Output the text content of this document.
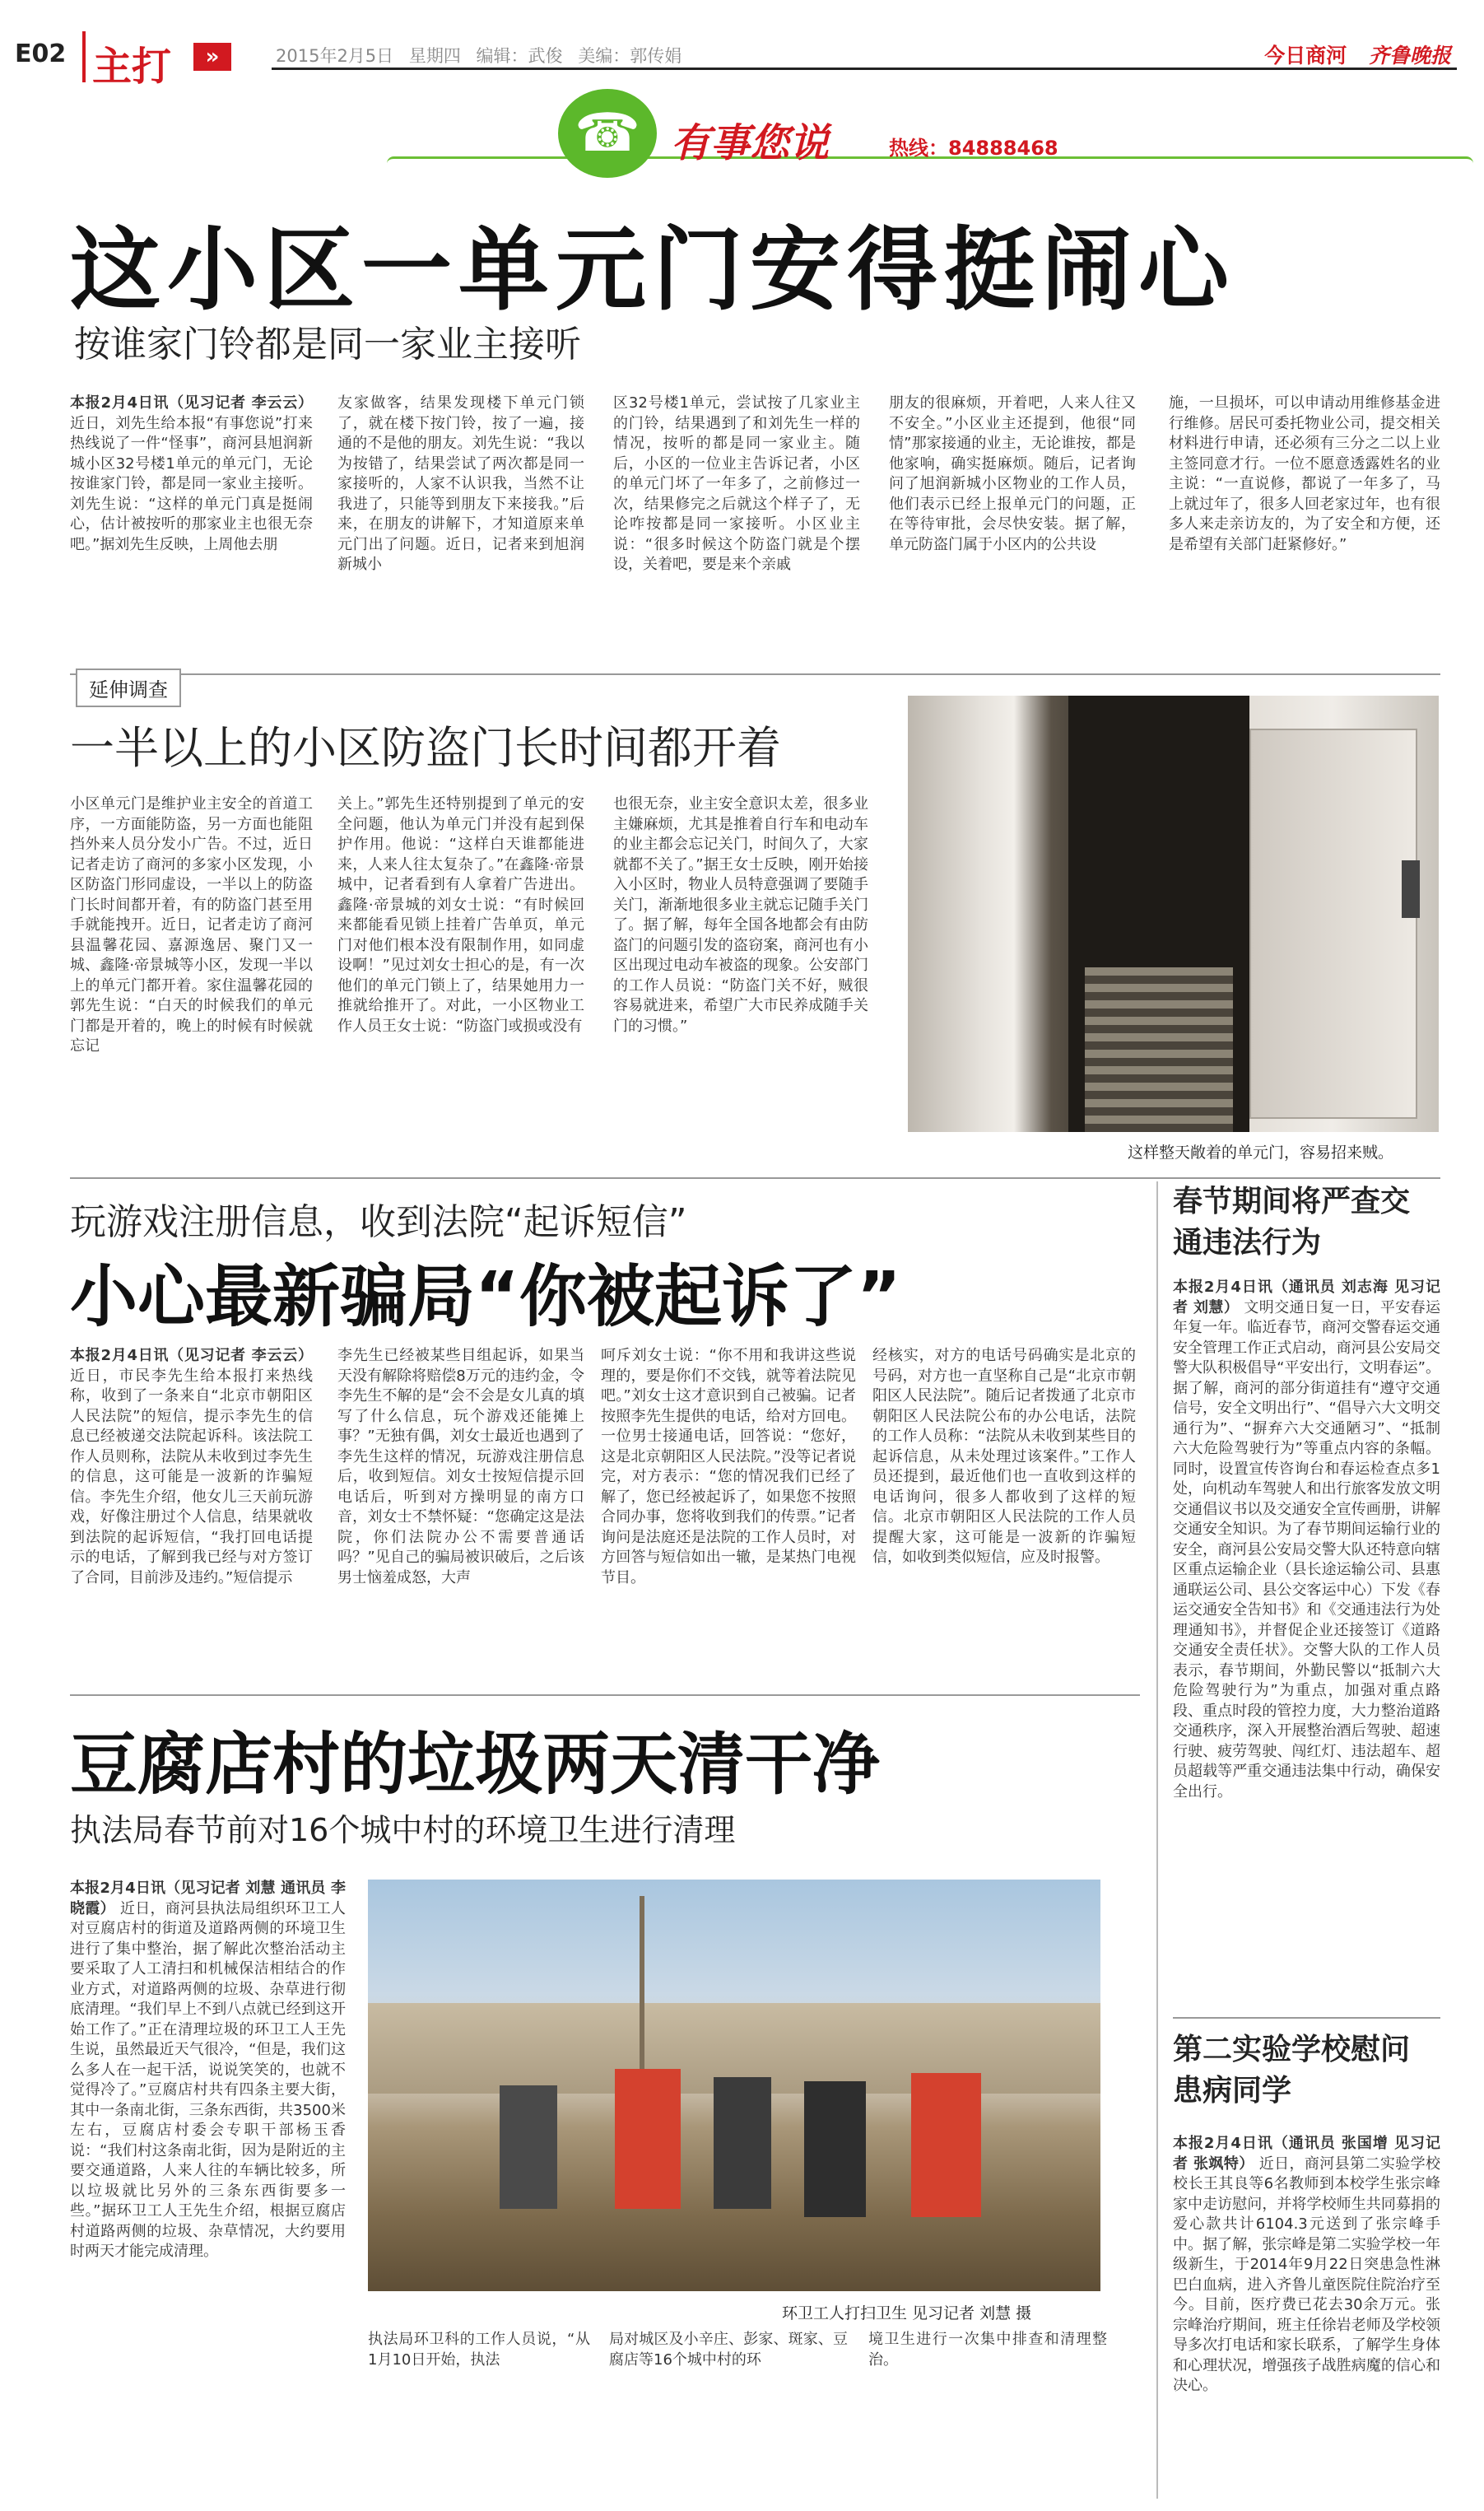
E02 主打	»	2015年2月5日 星期四 编辑：武俊 美编：郭传娟	今日商河 齐鲁晚报
☎ 有事您说	热线：84888468
这小区一单元门安得挺闹心
按谁家门铃都是同一家业主接听
本报2月4日讯（见习记者 李云云） 近日，刘先生给本报“有事您说”打来热线说了一件“怪事”，商河县旭润新城小区32号楼1单元的单元门，无论按谁家门铃，都是同一家业主接听。刘先生说：“这样的单元门真是挺闹心，估计被按听的那家业主也很无奈吧。”据刘先生反映，上周他去朋
友家做客，结果发现楼下单元门锁了，就在楼下按门铃，按了一遍，接通的不是他的朋友。刘先生说：“我以为按错了，结果尝试了两次都是同一家接听的，人家不认识我，当然不让我进了，只能等到朋友下来接我。”后来，在朋友的讲解下，才知道原来单元门出了问题。近日，记者来到旭润新城小
区32号楼1单元，尝试按了几家业主的门铃，结果遇到了和刘先生一样的情况，按听的都是同一家业主。随后，小区的一位业主告诉记者，小区的单元门坏了一年多了，之前修过一次，结果修完之后就这个样子了，无论咋按都是同一家接听。小区业主说：“很多时候这个防盗门就是个摆设，关着吧，要是来个亲戚
朋友的很麻烦，开着吧，人来人往又不安全。”小区业主还提到，他很“同情”那家接通的业主，无论谁按，都是他家响，确实挺麻烦。随后，记者询问了旭润新城小区物业的工作人员，他们表示已经上报单元门的问题，正在等待审批，会尽快安装。据了解，单元防盗门属于小区内的公共设
施，一旦损坏，可以申请动用维修基金进行维修。居民可委托物业公司，提交相关材料进行申请，还必须有三分之二以上业主签同意才行。一位不愿意透露姓名的业主说：“一直说修，都说了一年多了，马上就过年了，很多人回老家过年，也有很多人来走亲访友的，为了安全和方便，还是希望有关部门赶紧修好。”
延伸调查
一半以上的小区防盗门长时间都开着
小区单元门是维护业主安全的首道工序，一方面能防盗，另一方面也能阻挡外来人员分发小广告。不过，近日记者走访了商河的多家小区发现，小区防盗门形同虚设，一半以上的防盗门长时间都开着，有的防盗门甚至用手就能拽开。近日，记者走访了商河县温馨花园、嘉源逸居、聚门又一城、鑫隆·帝景城等小区，发现一半以上的单元门都开着。家住温馨花园的郭先生说：“白天的时候我们的单元门都是开着的，晚上的时候有时候就忘记
关上。”郭先生还特别提到了单元的安全问题，他认为单元门并没有起到保护作用。他说：“这样白天谁都能进来，人来人往太复杂了。”在鑫隆·帝景城中，记者看到有人拿着广告进出。鑫隆·帝景城的刘女士说：“有时候回来都能看见锁上挂着广告单页，单元门对他们根本没有限制作用，如同虚设啊！”见过刘女士担心的是，有一次他们的单元门锁上了，结果她用力一推就给推开了。对此，一小区物业工作人员王女士说：“防盗门或损或没有
也很无奈，业主安全意识太差，很多业主嫌麻烦，尤其是推着自行车和电动车的业主都会忘记关门，时间久了，大家就都不关了。”据王女士反映，刚开始接入小区时，物业人员特意强调了要随手关门，渐渐地很多业主就忘记随手关门了。据了解，每年全国各地都会有由防盗门的问题引发的盗窃案，商河也有小区出现过电动车被盗的现象。公安部门的工作人员说：“防盗门关不好，贼很容易就进来，希望广大市民养成随手关门的习惯。”
这样整天敞着的单元门，容易招来贼。
玩游戏注册信息，收到法院“起诉短信”
小心最新骗局“你被起诉了”
本报2月4日讯（见习记者 李云云） 近日，市民李先生给本报打来热线称，收到了一条来自“北京市朝阳区人民法院”的短信，提示李先生的信息已经被递交法院起诉科。该法院工作人员则称，法院从未收到过李先生的信息，这可能是一波新的诈骗短信。李先生介绍，他女儿三天前玩游戏，好像注册过个人信息，结果就收到法院的起诉短信，“我打回电话提示的电话，了解到我已经与对方签订了合同，目前涉及违约。”短信提示
李先生已经被某些目组起诉，如果当天没有解除将赔偿8万元的违约金，令李先生不解的是“会不会是女儿真的填写了什么信息，玩个游戏还能摊上事？”无独有偶，刘女士最近也遇到了李先生这样的情况，玩游戏注册信息后，收到短信。刘女士按短信提示回电话后，听到对方操明显的南方口音，刘女士不禁怀疑：“您确定这是法院，你们法院办公不需要普通话吗？”见自己的骗局被识破后，之后该男士恼羞成怒，大声
呵斥刘女士说：“你不用和我讲这些说理的，要是你们不交钱，就等着法院见吧。”刘女士这才意识到自己被骗。记者按照李先生提供的电话，给对方回电。一位男士接通电话，回答说：“您好，这是北京朝阳区人民法院。”没等记者说完，对方表示：“您的情况我们已经了解了，您已经被起诉了，如果您不按照合同办事，您将收到我们的传票。”记者询问是法庭还是法院的工作人员时，对方回答与短信如出一辙，是某热门电视节目。
经核实，对方的电话号码确实是北京的号码，对方也一直坚称自己是“北京市朝阳区人民法院”。随后记者拨通了北京市朝阳区人民法院公布的办公电话，法院的工作人员称：“法院从未收到某些目的起诉信息，从未处理过该案件。”工作人员还提到，最近他们也一直收到这样的电话询问，很多人都收到了这样的短信。北京市朝阳区人民法院的工作人员提醒大家，这可能是一波新的诈骗短信，如收到类似短信，应及时报警。
春节期间将严查交通违法行为
本报2月4日讯（通讯员 刘志海 见习记者 刘慧） 文明交通日复一日，平安春运年复一年。临近春节，商河交警春运交通安全管理工作正式启动，商河县公安局交警大队积极倡导“平安出行，文明春运”。据了解，商河的部分街道挂有“遵守交通信号，安全文明出行”、“倡导六大文明交通行为”、“摒弃六大交通陋习”、“抵制六大危险驾驶行为”等重点内容的条幅。同时，设置宣传咨询台和春运检查点多1处，向机动车驾驶人和出行旅客发放文明交通倡议书以及交通安全宣传画册，讲解交通安全知识。为了春节期间运输行业的安全，商河县公安局交警大队还特意向辖区重点运输企业（县长途运输公司、县惠通联运公司、县公交客运中心）下发《春运交通安全告知书》和《交通违法行为处理通知书》，并督促企业还接签订《道路交通安全责任状》。交警大队的工作人员表示，春节期间，外勤民警以“抵制六大危险驾驶行为”为重点，加强对重点路段、重点时段的管控力度，大力整治道路交通秩序，深入开展整治酒后驾驶、超速行驶、疲劳驾驶、闯红灯、违法超车、超员超载等严重交通违法集中行动，确保安全出行。
第二实验学校慰问患病同学
本报2月4日讯（通讯员 张国增 见习记者 张飒特） 近日，商河县第二实验学校校长王其良等6名教师到本校学生张宗峰家中走访慰问，并将学校师生共同募捐的爱心款共计6104.3元送到了张宗峰手中。据了解，张宗峰是第二实验学校一年级新生，于2014年9月22日突患急性淋巴白血病，进入齐鲁儿童医院住院治疗至今。目前，医疗费已花去30余万元。张宗峰治疗期间，班主任徐岩老师及学校领导多次打电话和家长联系，了解学生身体和心理状况，增强孩子战胜病魔的信心和决心。
豆腐店村的垃圾两天清干净
执法局春节前对16个城中村的环境卫生进行清理
本报2月4日讯（见习记者 刘慧 通讯员 李晓霞） 近日，商河县执法局组织环卫工人对豆腐店村的街道及道路两侧的环境卫生进行了集中整治，据了解此次整治活动主要采取了人工清扫和机械保洁相结合的作业方式，对道路两侧的垃圾、杂草进行彻底清理。“我们早上不到八点就已经到这开始工作了。”正在清理垃圾的环卫工人王先生说，虽然最近天气很冷，“但是，我们这么多人在一起干活，说说笑笑的，也就不觉得冷了。”豆腐店村共有四条主要大街，其中一条南北街，三条东西街，共3500米左右，豆腐店村委会专职干部杨玉香说：“我们村这条南北街，因为是附近的主要交通道路，人来人往的车辆比较多，所以垃圾就比另外的三条东西街要多一些。”据环卫工人王先生介绍，根据豆腐店村道路两侧的垃圾、杂草情况，大约要用时两天才能完成清理。
环卫工人打扫卫生 见习记者 刘慧 摄
执法局环卫科的工作人员说，“从1月10日开始，执法
局对城区及小辛庄、彭家、斑家、豆腐店等16个城中村的环
境卫生进行一次集中排查和清理整治。
